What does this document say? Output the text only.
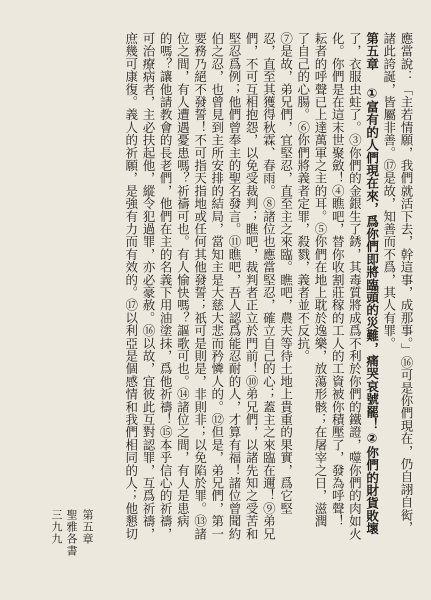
應當說：「主若情願，我們就活下去，幹這事，成那事。」⑯可是你們現在，仍自詡自衒，

諸此誇誕，皆屬非善。⑰是故，知善而不爲，其人有罪。

第五章 ①富有的人們現在來，爲你們即將臨頭的災難，痛哭哀號罷！②你們的財貨敗壞

了，衣服虫蛀了。③你們的金銀生了銹，其毒質將成爲不利於你們的鐵證，噬你們的肉如火

化。你們是在這末世聚斂！④瞧吧，替你收割莊稼的工人的工資被你積壓了，發為呼聲！

耘者的呼聲已上達萬軍之主的耳。⑤你們在地上耽於逸樂，放蕩形骸；在屠宰之日，滋潤

了自己的心腸。⑥你們將義者定罪，殺戮，義者並不反抗。

⑦是故，弟兄們，宜堅忍，直至主之來臨。瞧吧，農夫等待土地上貴重的果實，爲它堅

忍，直至其獲得秋霖、春雨。⑧諸位也應當堅忍，確立自己的心；蓋主之來臨在邇！⑨弟兄

們，不可互相抱怨，以免受裁判；瞧吧，裁判者正立於門前！⑩弟兄們，以諸先知之受苦和

堅忍爲例；他們曾奉主的聖名發言。⑪瞧吧，吾人認爲能忍耐的人，才算有福！諸位曾聞約

伯之忍，也曾見到主所安排的結局，當知主是大慈大悲而矜憐人的。⑫但是，弟兄們，第一

要務乃絕不發誓！不可指天指地或任何其他發誓；祇可是則是，非則非；以免陷於罪。⑬諸

位之間，有人遭遇憂患嗎？祈禱可也。有人愉快嗎？謳歌可也。⑭諸位之間，有人是患病

的嗎？讓他請教會的長老們，他們在主的名義下用油塗抹，爲他祈禱！⑮本乎信心的祈禱，

可治療病者，主必扶起他，縱令犯過罪，亦必豪赦。⑯以故，宜彼此互對認罪，互爲祈禱，

庶幾可康復。義人的祈願，是強有力而有效的。⑰以利亞是個感情和我們相同的人；他懇切

聖雅各書 第五章
三九九
